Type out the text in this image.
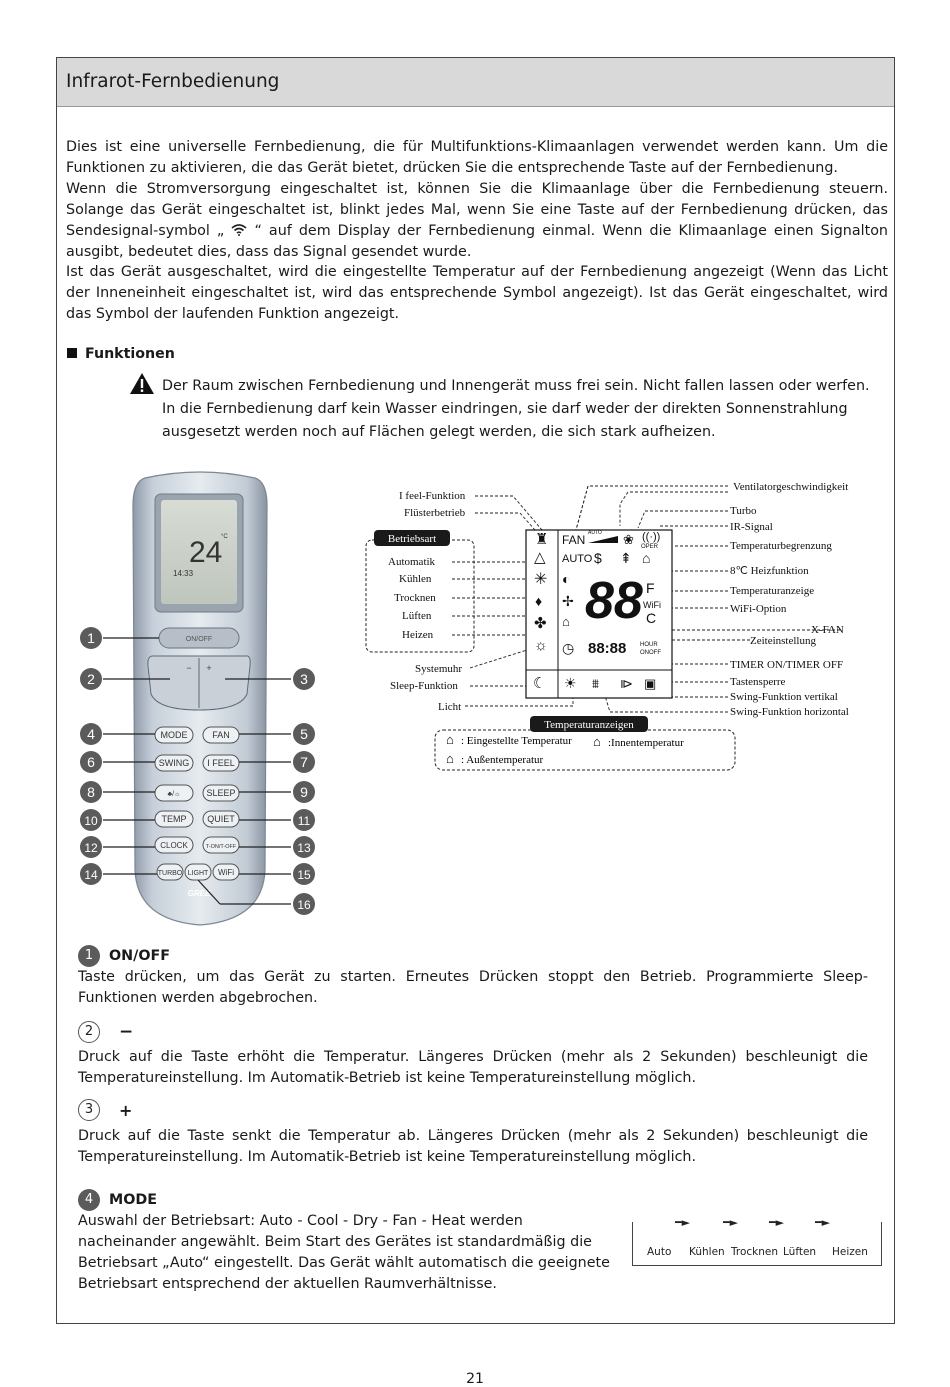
Infrarot-Fernbedienung

Dies ist eine universelle Fernbedienung, die für Multifunktions-Klimaanlagen verwendet werden kann. Um die Funktionen zu aktivieren, die das Gerät bietet, drücken Sie die entsprechende Taste auf der Fernbedienung.

Wenn die Stromversorgung eingeschaltet ist, können Sie die Klimaanlage über die Fernbedienung steuern. Solange das Gerät eingeschaltet ist, blinkt jedes Mal, wenn Sie eine Taste auf der Fernbedienung drücken, das Sendesignal-symbol „ “ auf dem Display der Fernbedienung einmal. Wenn die Klimaanlage einen Signalton ausgibt, bedeutet dies, dass das Signal gesendet wurde.

Ist das Gerät ausgeschaltet, wird die eingestellte Temperatur auf der Fernbedienung angezeigt (Wenn das Licht der Inneneinheit eingeschaltet ist, wird das entsprechende Symbol angezeigt). Ist das Gerät eingeschaltet, wird das Symbol der laufenden Funktion angezeigt.

Funktionen
Der Raum zwischen Fernbedienung und Innengerät muss frei sein. Nicht fallen lassen oder werfen.
In die Fernbedienung darf kein Wasser eindringen, sie darf weder der direkten Sonnenstrahlung
ausgesetzt werden noch auf Flächen gelegt werden, die sich stark aufheizen.
24
°C
14:33
ON/OFF
− +
MODE	FAN
SWING I FEEL
♣/☼	SLEEP
TEMP QUIET
CLOCK	T-ON/T-OFF
TURBO LIGHT WiFi
GREE
1
2	3
4	5
6	7
8	9
10	11
12	13
14	15
16
♜ FAN AUTO ❀ ((·))
OPER
△ AUTO $ ⇞ ⌂
✳ ◐ 88 F
WiFi
C
♦ ✢
✤ ⌂
☼ ◷ 88:88 HOUR
ONOFF
☾ ☀ ⩩ ⧐ ▣
I feel-Funktion
Flüsterbetrieb
Betriebsart
Automatik
Kühlen
Trocknen
Lüften
Heizen
Systemuhr
Sleep-Funktion
Licht
Ventilatorgeschwindigkeit
Turbo
IR-Signal
Temperaturbegrenzung
8℃ Heizfunktion
Temperaturanzeige
WiFi-Option
X-FAN
Zeiteinstellung
TIMER ON/TIMER OFF
Tastensperre
Swing-Funktion vertikal
Swing-Funktion horizontal
Temperaturanzeigen
⌂ : Eingestellte Temperatur ⌂ :Innentemperatur
⌂ : Außentemperatur
1	ON/OFF
Taste drücken, um das Gerät zu starten. Erneutes Drücken stoppt den Betrieb. Programmierte Sleep-Funktionen werden abgebrochen.
2	−
Druck auf die Taste erhöht die Temperatur. Längeres Drücken (mehr als 2 Sekunden) beschleunigt die Temperatureinstellung. Im Automatik-Betrieb ist keine Temperatureinstellung möglich.
3	+
Druck auf die Taste senkt die Temperatur ab. Längeres Drücken (mehr als 2 Sekunden) beschleunigt die Temperatureinstellung. Im Automatik-Betrieb ist keine Temperatureinstellung möglich.
4	MODE
Auswahl der Betriebsart: Auto - Cool - Dry - Fan - Heat werden nacheinander angewählt. Beim Start des Gerätes ist standardmäßig die Betriebsart „Auto“ eingestellt. Das Gerät wählt automatisch die geeignete Betriebsart entsprechend der aktuellen Raumverhältnisse.
━►	━►	━►	━►
Auto Kühlen Trocknen Lüften Heizen
21
